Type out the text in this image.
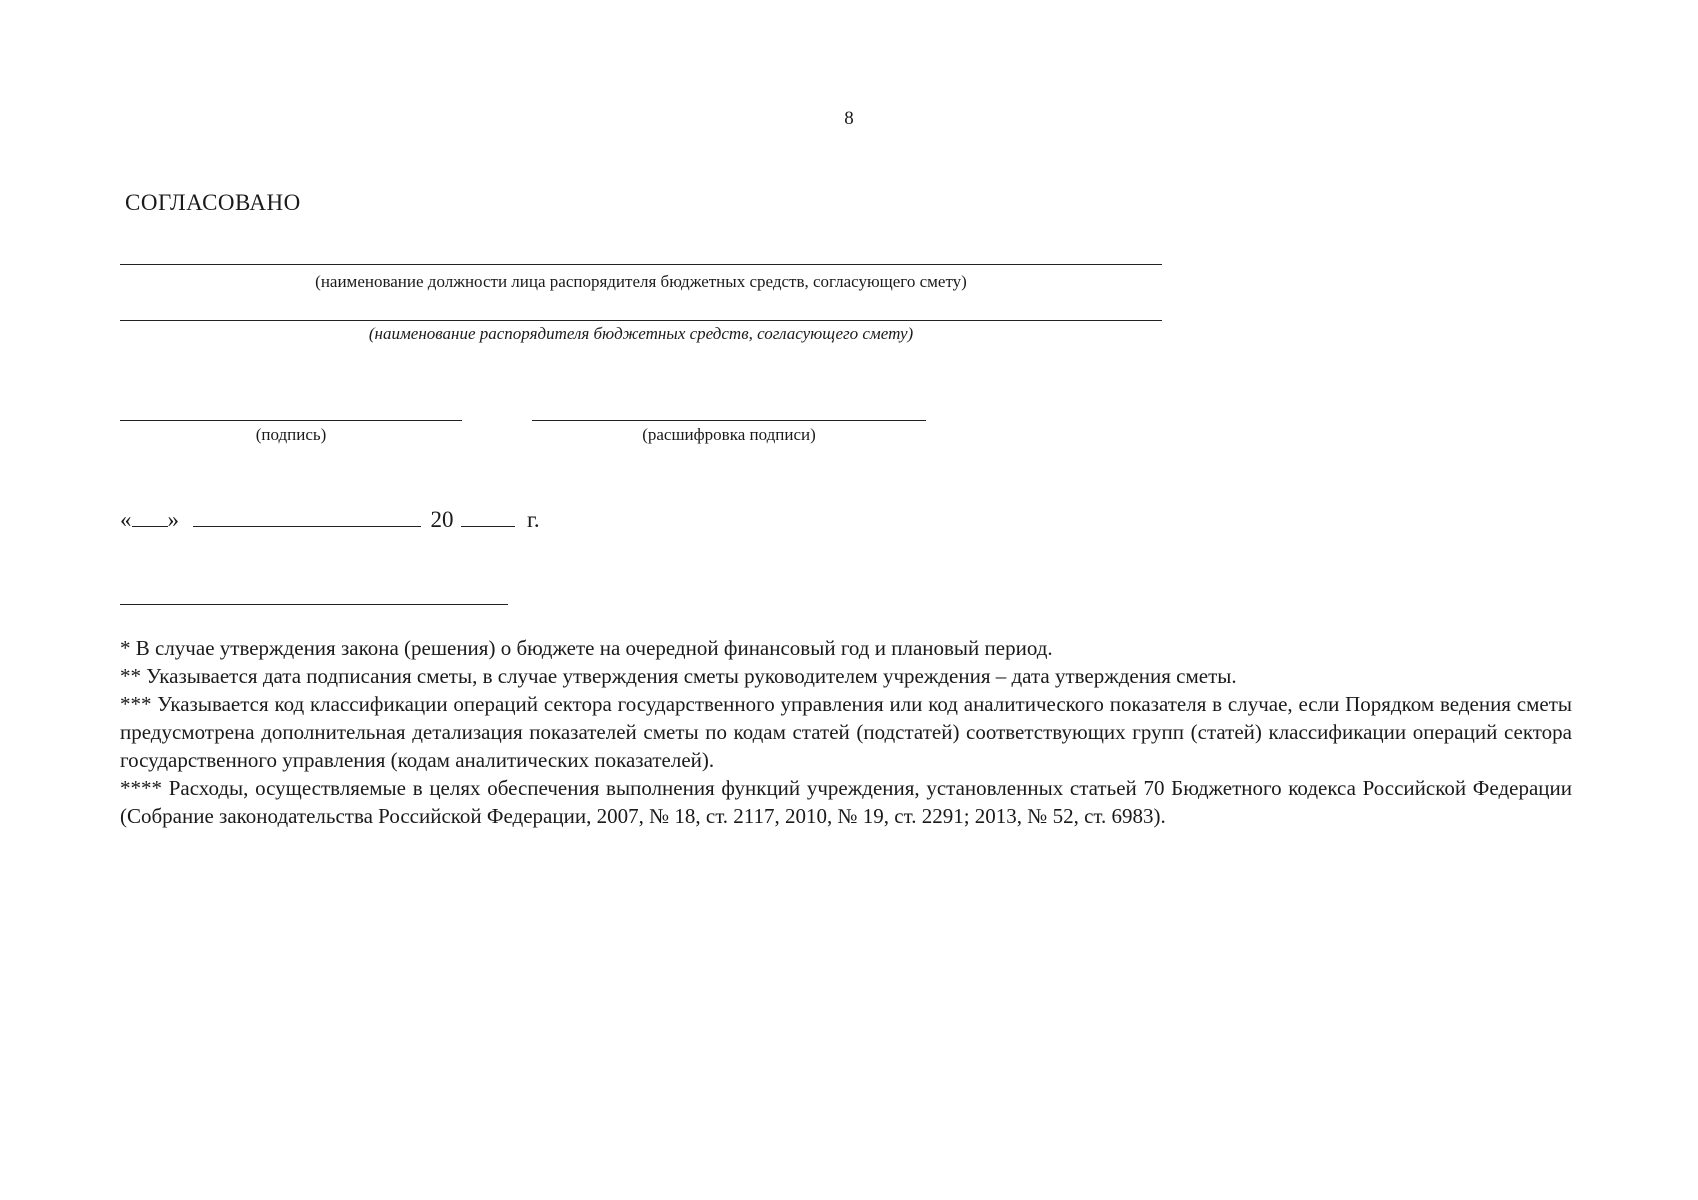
8
СОГЛАСОВАНО
(наименование должности лица распорядителя бюджетных средств, согласующего смету)
(наименование распорядителя бюджетных средств, согласующего смету)
(подпись)	(расшифровка подписи)
« »	20	г.
* В случае утверждения закона (решения) о бюджете на очередной финансовый год и плановый период.
** Указывается дата подписания сметы, в случае утверждения сметы руководителем учреждения – дата утверждения сметы.
*** Указывается код классификации операций сектора государственного управления или код аналитического показателя в случае, если Порядком ведения сметы предусмотрена дополнительная детализация показателей сметы по кодам статей (подстатей) соответствующих групп (статей) классификации операций сектора государственного управления (кодам аналитических показателей).
**** Расходы, осуществляемые в целях обеспечения выполнения функций учреждения, установленных статьей 70 Бюджетного кодекса Российской Федерации (Собрание законодательства Российской Федерации, 2007, № 18, ст. 2117, 2010, № 19, ст. 2291; 2013, № 52, ст. 6983).
